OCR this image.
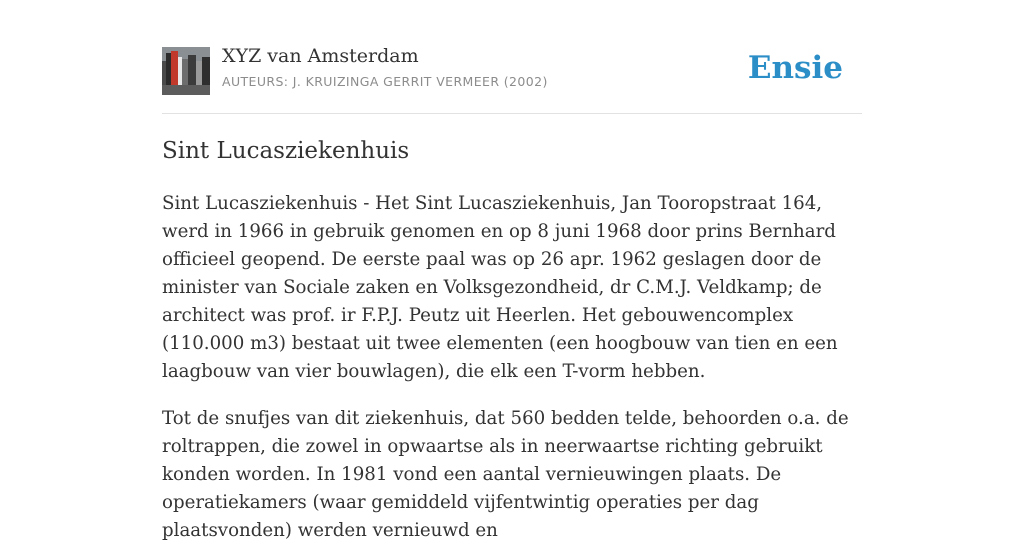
XYZ van Amsterdam
AUTEURS: J. KRUIZINGA GERRIT VERMEER (2002)	Ensie
Sint Lucasziekenhuis

Sint Lucasziekenhuis - Het Sint Lucasziekenhuis, Jan Tooropstraat 164, werd in 1966 in gebruik genomen en op 8 juni 1968 door prins Bernhard officieel geopend. De eerste paal was op 26 apr. 1962 geslagen door de minister van Sociale zaken en Volksgezondheid, dr C.M.J. Veldkamp; de architect was prof. ir F.P.J. Peutz uit Heerlen. Het gebouwencomplex (110.000 m3) bestaat uit twee elementen (een hoogbouw van tien en een laagbouw van vier bouwlagen), die elk een T-vorm hebben.

Tot de snufjes van dit ziekenhuis, dat 560 bedden telde, behoorden o.a. de roltrappen, die zowel in opwaartse als in neerwaartse richting gebruikt konden worden. In 1981 vond een aantal vernieuwingen plaats. De operatiekamers (waar gemiddeld vijfentwintig operaties per dag plaatsvonden) werden vernieuwd en
